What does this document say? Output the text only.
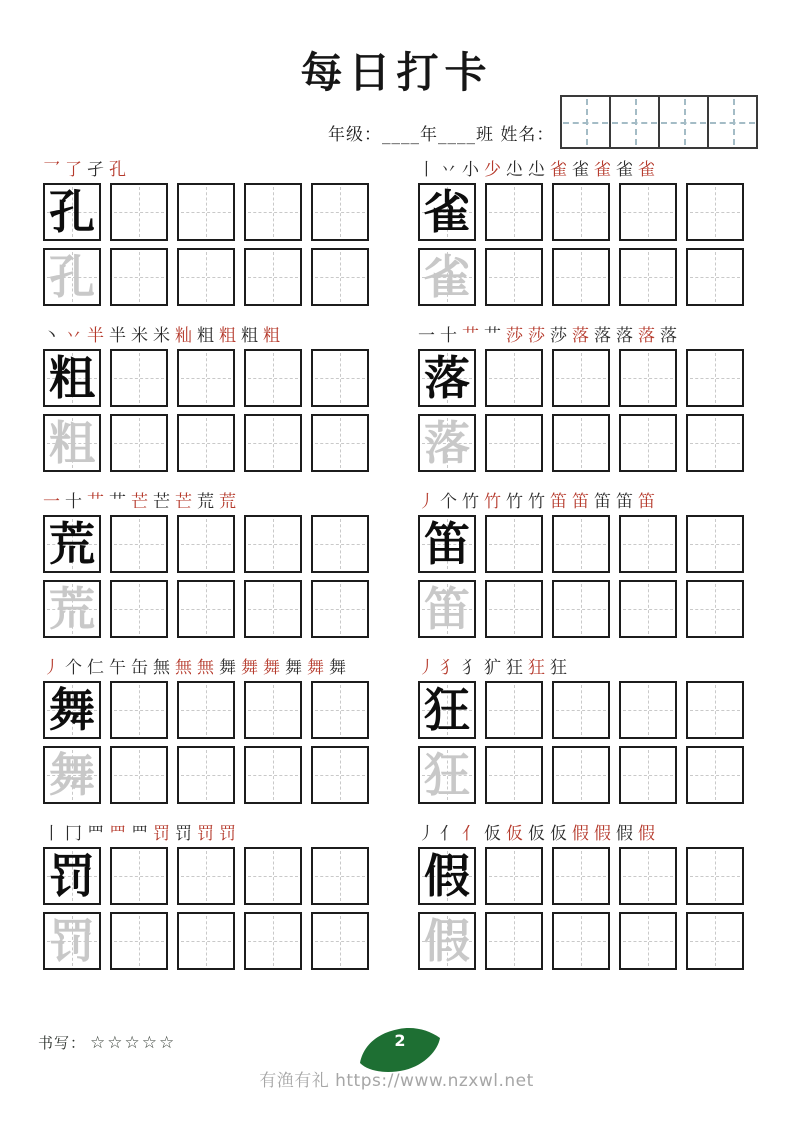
每日打卡
年级：____年____班 姓名：
乛 了 孑 孔
孔
孔
丨 丷 小 少 尐 尐 雀 雀 雀 雀 雀
雀
雀
丶 丷 半 半 米 米 籼 粗 粗 粗 粗
粗
粗
一 十 艹 艹 莎 莎 莎 落 落 落 落 落
落
落
一 十 艹 艹 芒 芒 芒 荒 荒
荒
荒
丿 个 竹 竹 竹 竹 笛 笛 笛 笛 笛
笛
笛
丿 个 仁 午 缶 無 無 無 舞 舞 舞 舞 舞 舞
舞
舞
丿 犭 犭 犷 狂 狂 狂
狂
狂
丨 冂 罒 罒 罒 罚 罚 罚 罚
罚
罚
丿 亻 亻 仮 仮 仮 仮 假 假 假 假
假
假
书写： ☆☆☆☆☆	2
有渔有礼 https://www.nzxwl.net
